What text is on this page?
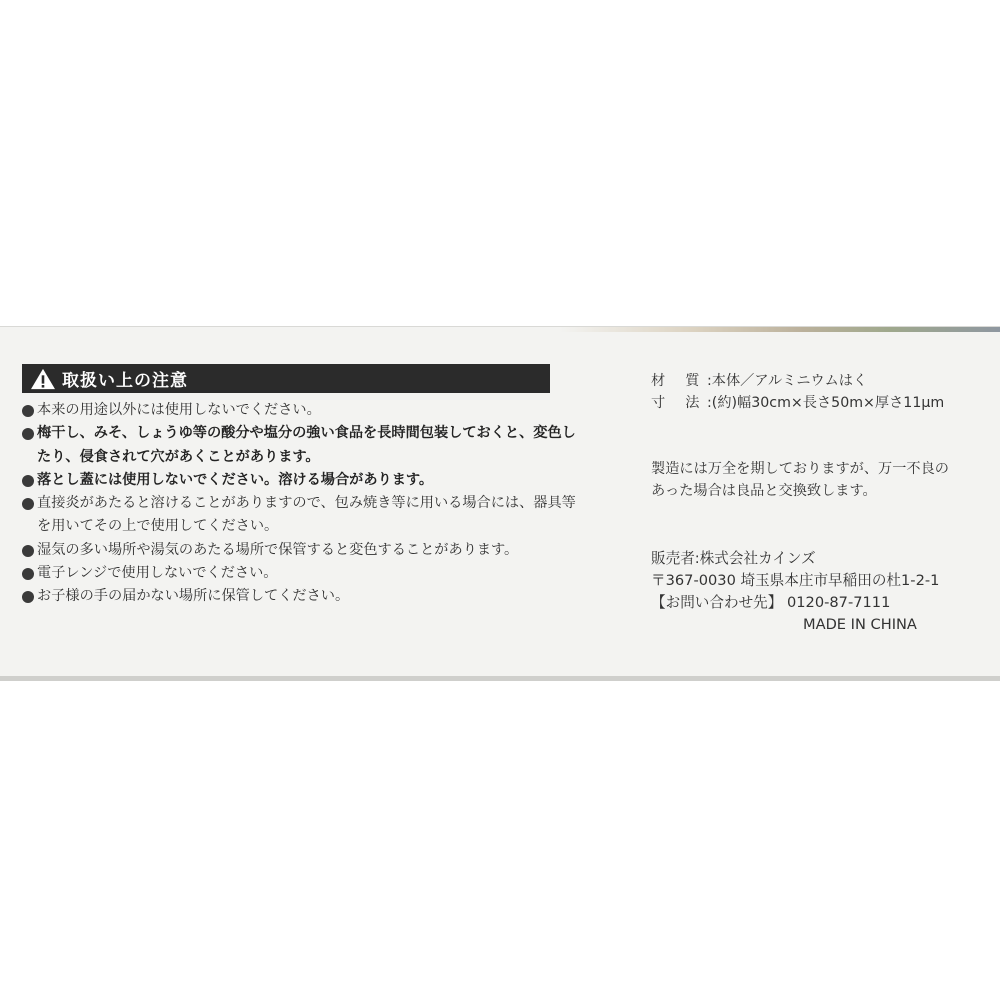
取扱い上の注意
本来の用途以外には使用しないでください。
梅干し、みそ、しょうゆ等の酸分や塩分の強い食品を長時間包装しておくと、変色したり、侵食されて穴があくことがあります。
落とし蓋には使用しないでください。溶ける場合があります。
直接炎があたると溶けることがありますので、包み焼き等に用いる場合には、器具等を用いてその上で使用してください。
湿気の多い場所や湯気のあたる場所で保管すると変色することがあります。
電子レンジで使用しないでください。
お子様の手の届かない場所に保管してください。
材質:本体／アルミニウムはく
寸法:(約)幅30cm×長さ50m×厚さ11μm
製造には万全を期しておりますが、万一不良の
あった場合は良品と交換致します。
販売者:株式会社カインズ
〒367-0030 埼玉県本庄市早稲田の杜1-2-1
【お問い合わせ先】 0120-87-7111
MADE IN CHINA
